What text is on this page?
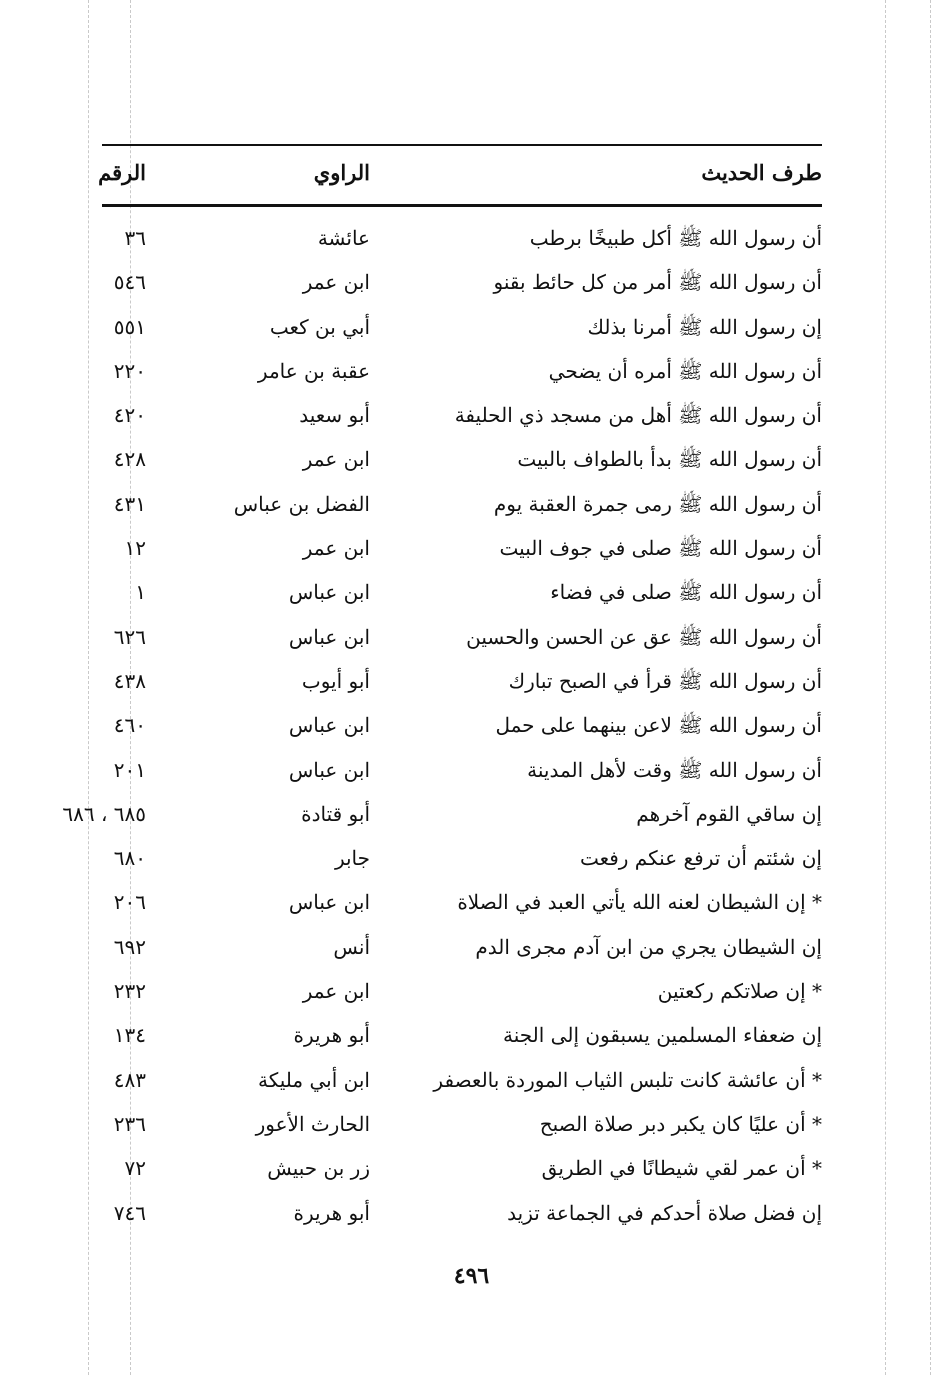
طرف الحديث
الراوي
الرقم
أن رسول الله ﷺ أكل طبيخًا برطب
عائشة
٣٦
أن رسول الله ﷺ أمر من كل حائط بقنو
ابن عمر
٥٤٦
إن رسول الله ﷺ أمرنا بذلك
أبي بن كعب
٥٥١
أن رسول الله ﷺ أمره أن يضحي
عقبة بن عامر
٢٢٠
أن رسول الله ﷺ أهل من مسجد ذي الحليفة
أبو سعيد
٤٢٠
أن رسول الله ﷺ بدأ بالطواف بالبيت
ابن عمر
٤٢٨
أن رسول الله ﷺ رمى جمرة العقبة يوم
الفضل بن عباس
٤٣١
أن رسول الله ﷺ صلى في جوف البيت
ابن عمر
١٢
أن رسول الله ﷺ صلى في فضاء
ابن عباس
١
أن رسول الله ﷺ عق عن الحسن والحسين
ابن عباس
٦٢٦
أن رسول الله ﷺ قرأ في الصبح تبارك
أبو أيوب
٤٣٨
أن رسول الله ﷺ لاعن بينهما على حمل
ابن عباس
٤٦٠
أن رسول الله ﷺ وقت لأهل المدينة
ابن عباس
٢٠١
إن ساقي القوم آخرهم
أبو قتادة
٦٨٥ ، ٦٨٦
إن شئتم أن ترفع عنكم رفعت
جابر
٦٨٠
* إن الشيطان لعنه الله يأتي العبد في الصلاة
ابن عباس
٢٠٦
إن الشيطان يجري من ابن آدم مجرى الدم
أنس
٦٩٢
* إن صلاتكم ركعتين
ابن عمر
٢٣٢
إن ضعفاء المسلمين يسبقون إلى الجنة
أبو هريرة
١٣٤
* أن عائشة كانت تلبس الثياب الموردة بالعصفر
ابن أبي مليكة
٤٨٣
* أن عليًا كان يكبر دبر صلاة الصبح
الحارث الأعور
٢٣٦
* أن عمر لقي شيطانًا في الطريق
زر بن حبيش
٧٢
إن فضل صلاة أحدكم في الجماعة تزيد
أبو هريرة
٧٤٦
٤٩٦
